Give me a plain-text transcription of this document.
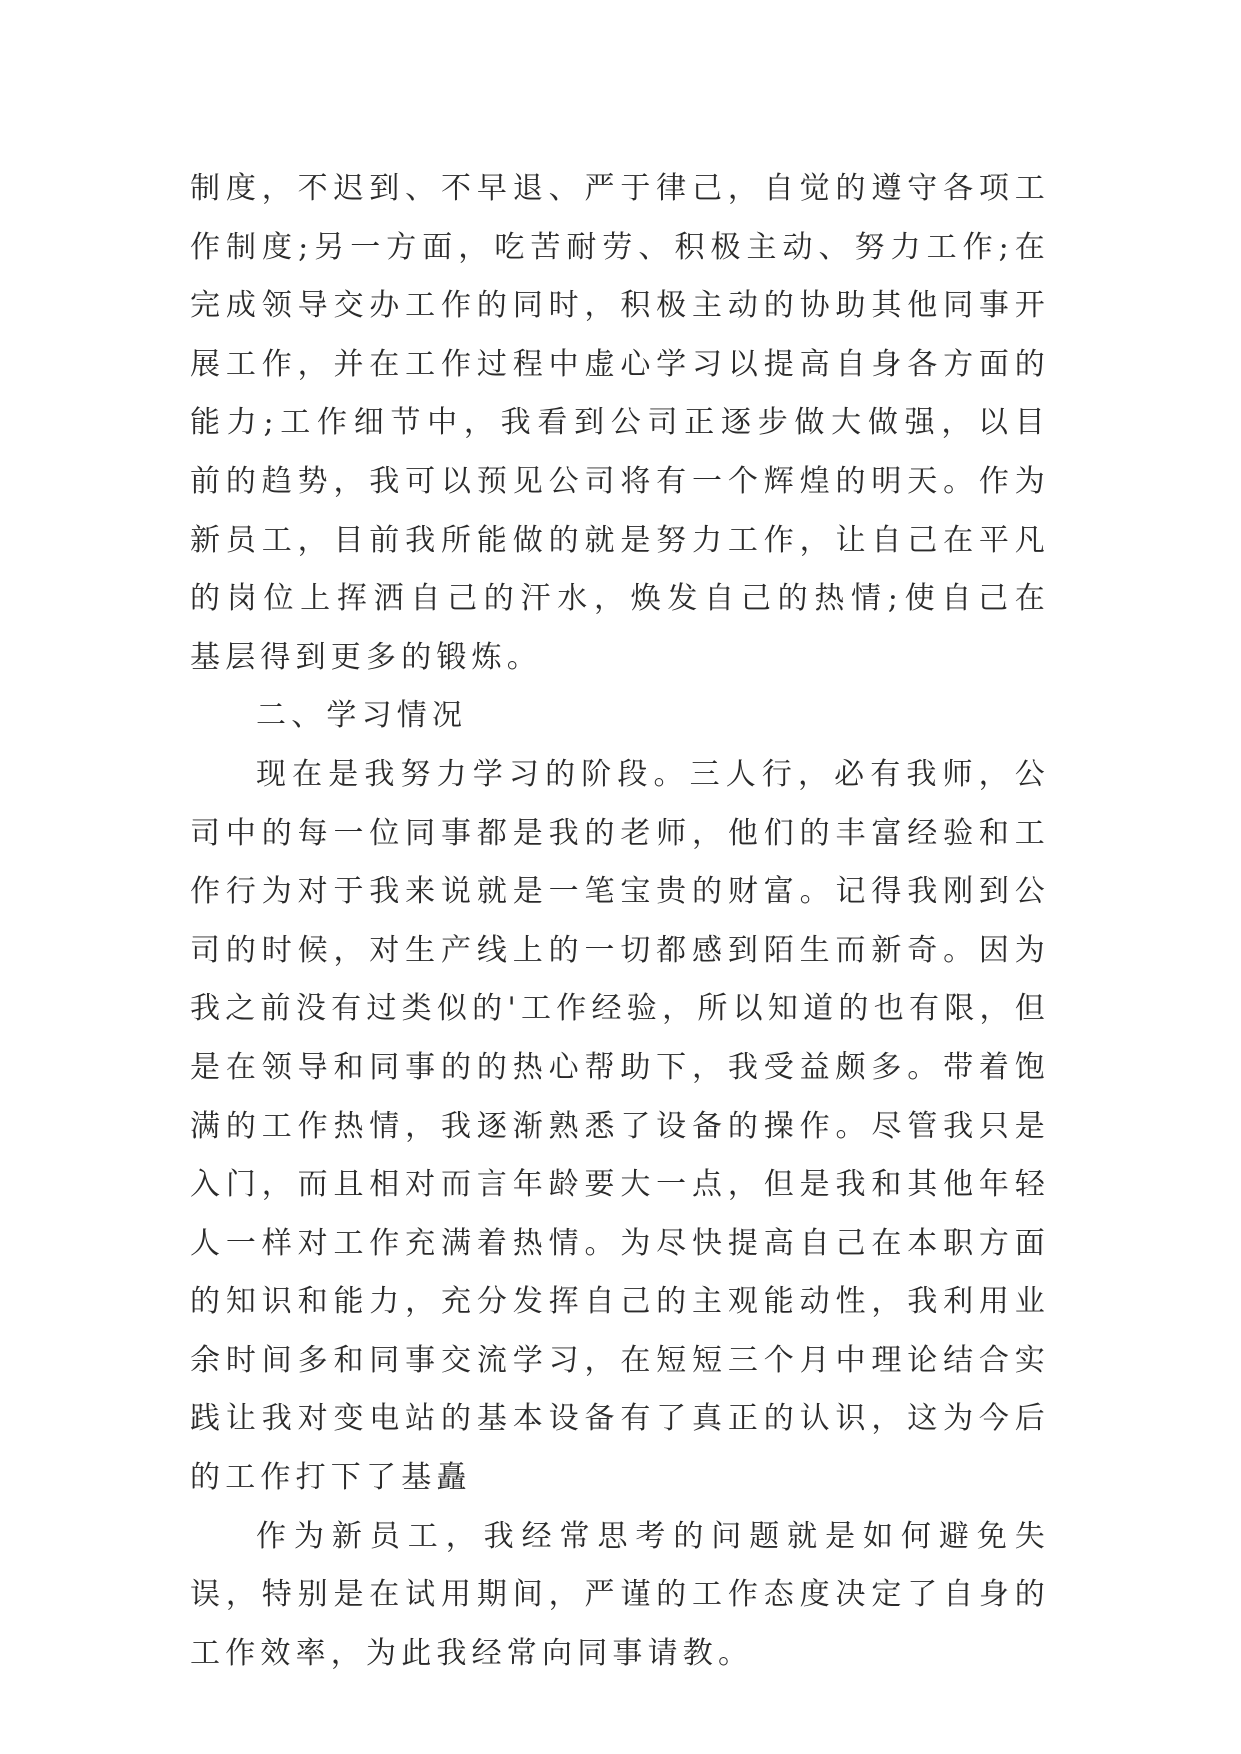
制度，不迟到、不早退、严于律己，自觉的遵守各项工作制度;另一方面，吃苦耐劳、积极主动、努力工作;在完成领导交办工作的同时，积极主动的协助其他同事开展工作，并在工作过程中虚心学习以提高自身各方面的能力;工作细节中，我看到公司正逐步做大做强，以目前的趋势，我可以预见公司将有一个辉煌的明天。作为新员工，目前我所能做的就是努力工作，让自己在平凡的岗位上挥洒自己的汗水，焕发自己的热情;使自己在基层得到更多的锻炼。

二、学习情况

现在是我努力学习的阶段。三人行，必有我师，公司中的每一位同事都是我的老师，他们的丰富经验和工作行为对于我来说就是一笔宝贵的财富。记得我刚到公司的时候，对生产线上的一切都感到陌生而新奇。因为我之前没有过类似的'工作经验，所以知道的也有限，但是在领导和同事的的热心帮助下，我受益颇多。带着饱满的工作热情，我逐渐熟悉了设备的操作。尽管我只是入门，而且相对而言年龄要大一点，但是我和其他年轻人一样对工作充满着热情。为尽快提高自己在本职方面的知识和能力，充分发挥自己的主观能动性，我利用业余时间多和同事交流学习，在短短三个月中理论结合实践让我对变电站的基本设备有了真正的认识，这为今后的工作打下了基矗

作为新员工，我经常思考的问题就是如何避免失误，特别是在试用期间，严谨的工作态度决定了自身的工作效率，为此我经常向同事请教。
